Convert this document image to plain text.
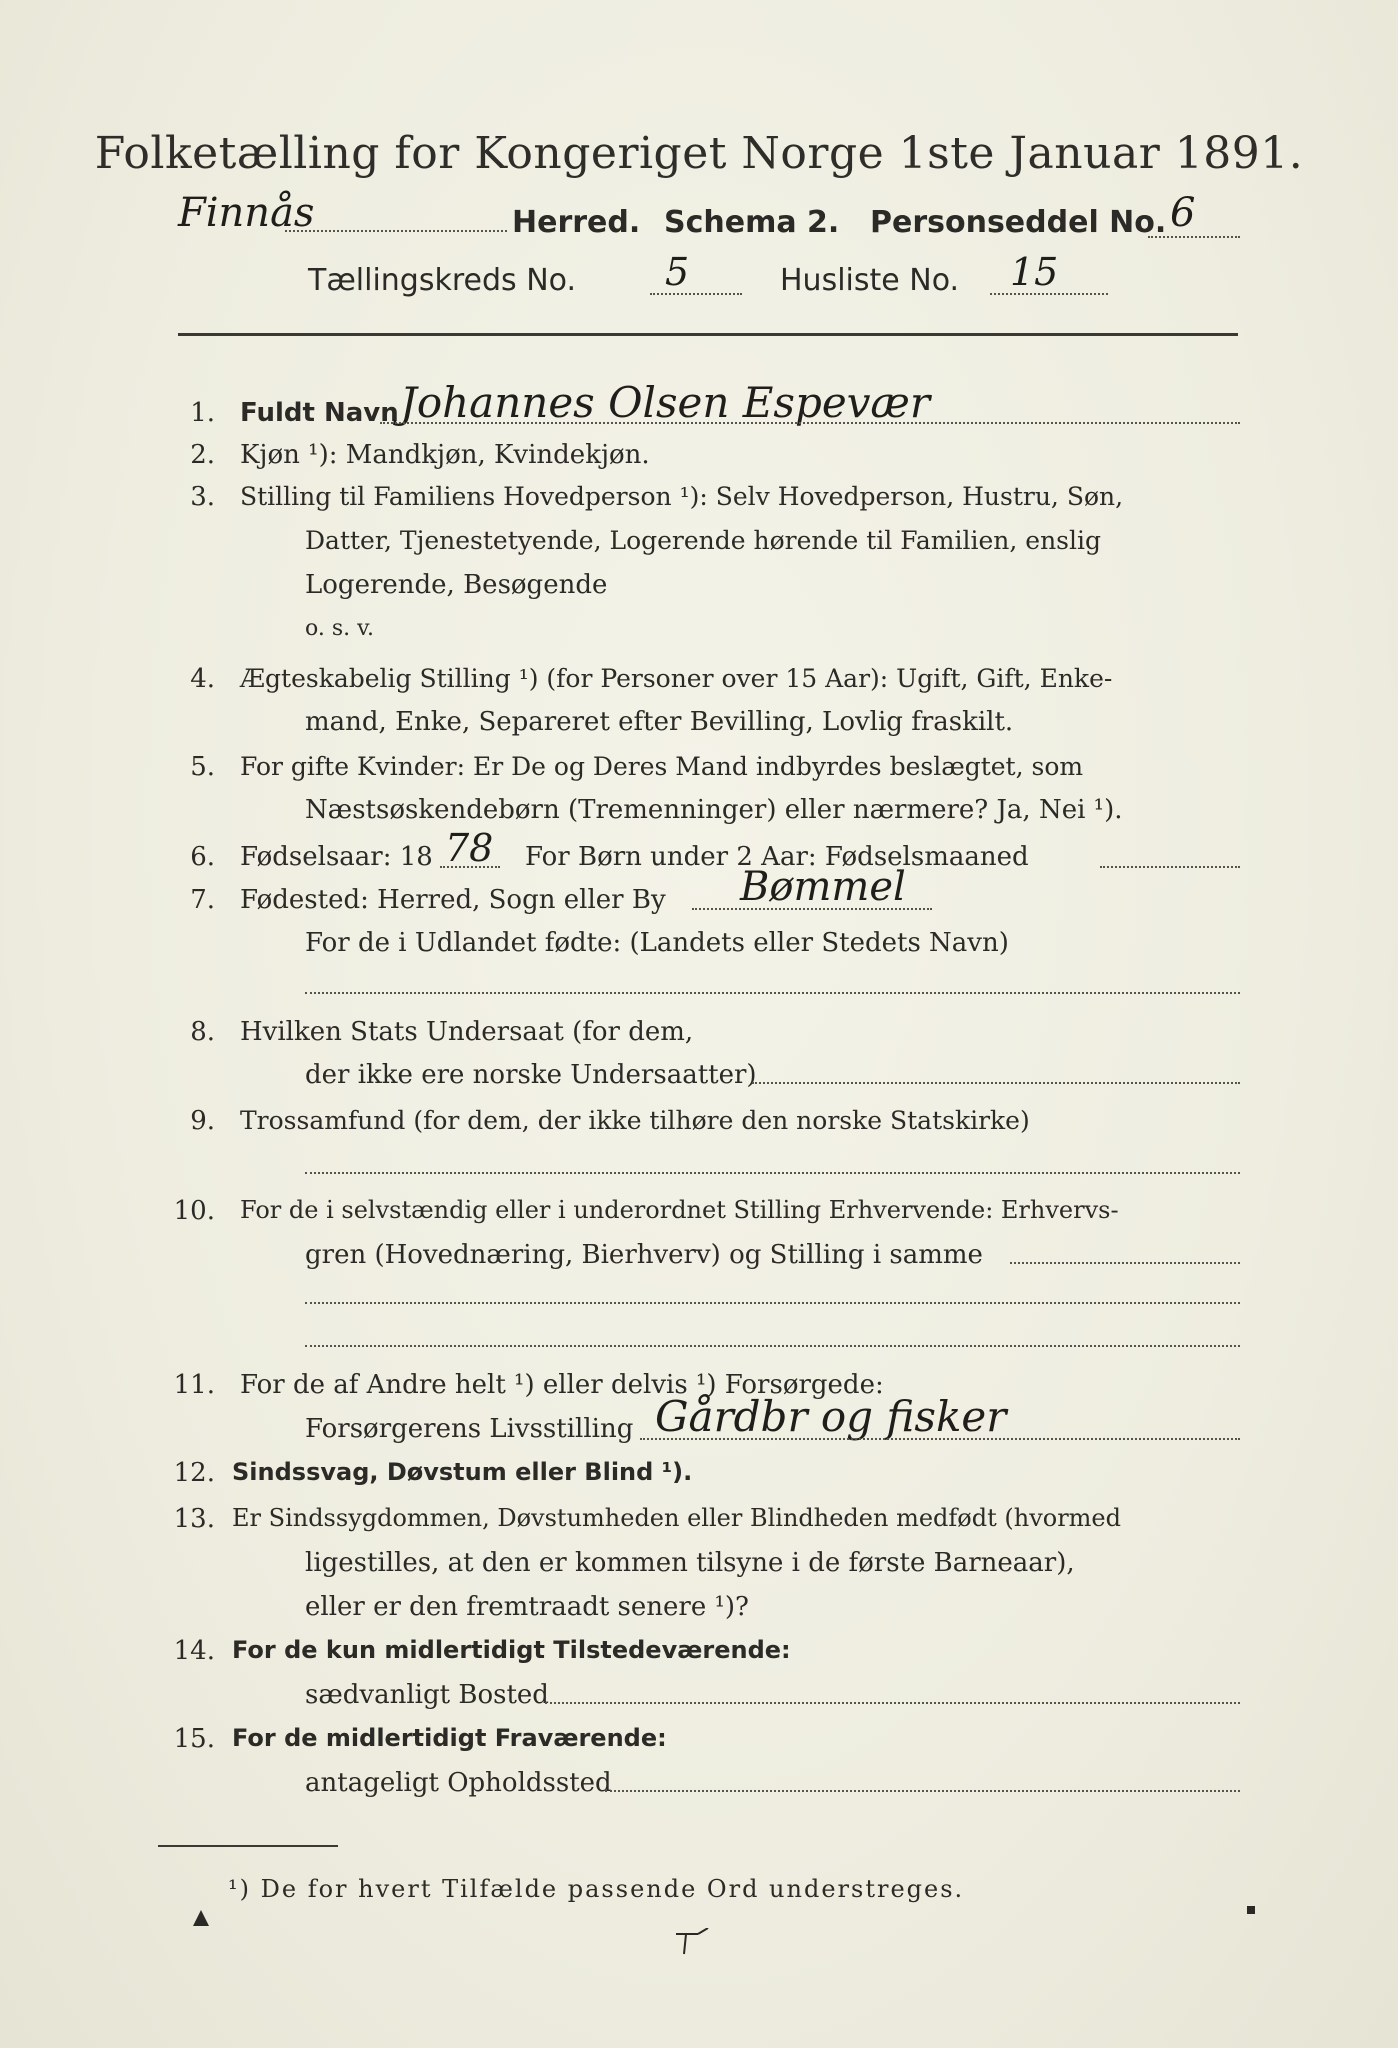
Folketælling for Kongeriget Norge 1ste Januar 1891.
Finnås	Herred. Schema 2. Personseddel No. 6
Tællingskreds No. 5	Husliste No. 15
1. Fuldt Navn Johannes Olsen Espevær
2. Kjøn ¹): Mandkjøn, Kvindekjøn.
3. Stilling til Familiens Hovedperson ¹): Selv Hovedperson, Hustru, Søn,
Datter, Tjenestetyende, Logerende hørende til Familien, enslig
Logerende, Besøgende
o. s. v.
4. Ægteskabelig Stilling ¹) (for Personer over 15 Aar): Ugift, Gift, Enke-
mand, Enke, Separeret efter Bevilling, Lovlig fraskilt.
5. For gifte Kvinder: Er De og Deres Mand indbyrdes beslægtet, som
Næstsøskendebørn (Tremenninger) eller nærmere? Ja, Nei ¹).
6. Fødselsaar: 18 78 For Børn under 2 Aar: Fødselsmaaned
7. Fødested: Herred, Sogn eller By Bømmel
For de i Udlandet fødte: (Landets eller Stedets Navn)
8. Hvilken Stats Undersaat (for dem,
der ikke ere norske Undersaatter)
9. Trossamfund (for dem, der ikke tilhøre den norske Statskirke)
10. For de i selvstændig eller i underordnet Stilling Erhvervende: Erhvervs-
gren (Hovednæring, Bierhverv) og Stilling i samme
11. For de af Andre helt ¹) eller delvis ¹) Forsørgede:
Forsørgerens Livsstilling Gårdbr og fisker
12. Sindssvag, Døvstum eller Blind ¹).
13. Er Sindssygdommen, Døvstumheden eller Blindheden medfødt (hvormed
ligestilles, at den er kommen tilsyne i de første Barneaar),
eller er den fremtraadt senere ¹)?
14. For de kun midlertidigt Tilstedeværende:
sædvanligt Bosted
15. For de midlertidigt Fraværende:
antageligt Opholdssted
¹) De for hvert Tilfælde passende Ord understreges.
